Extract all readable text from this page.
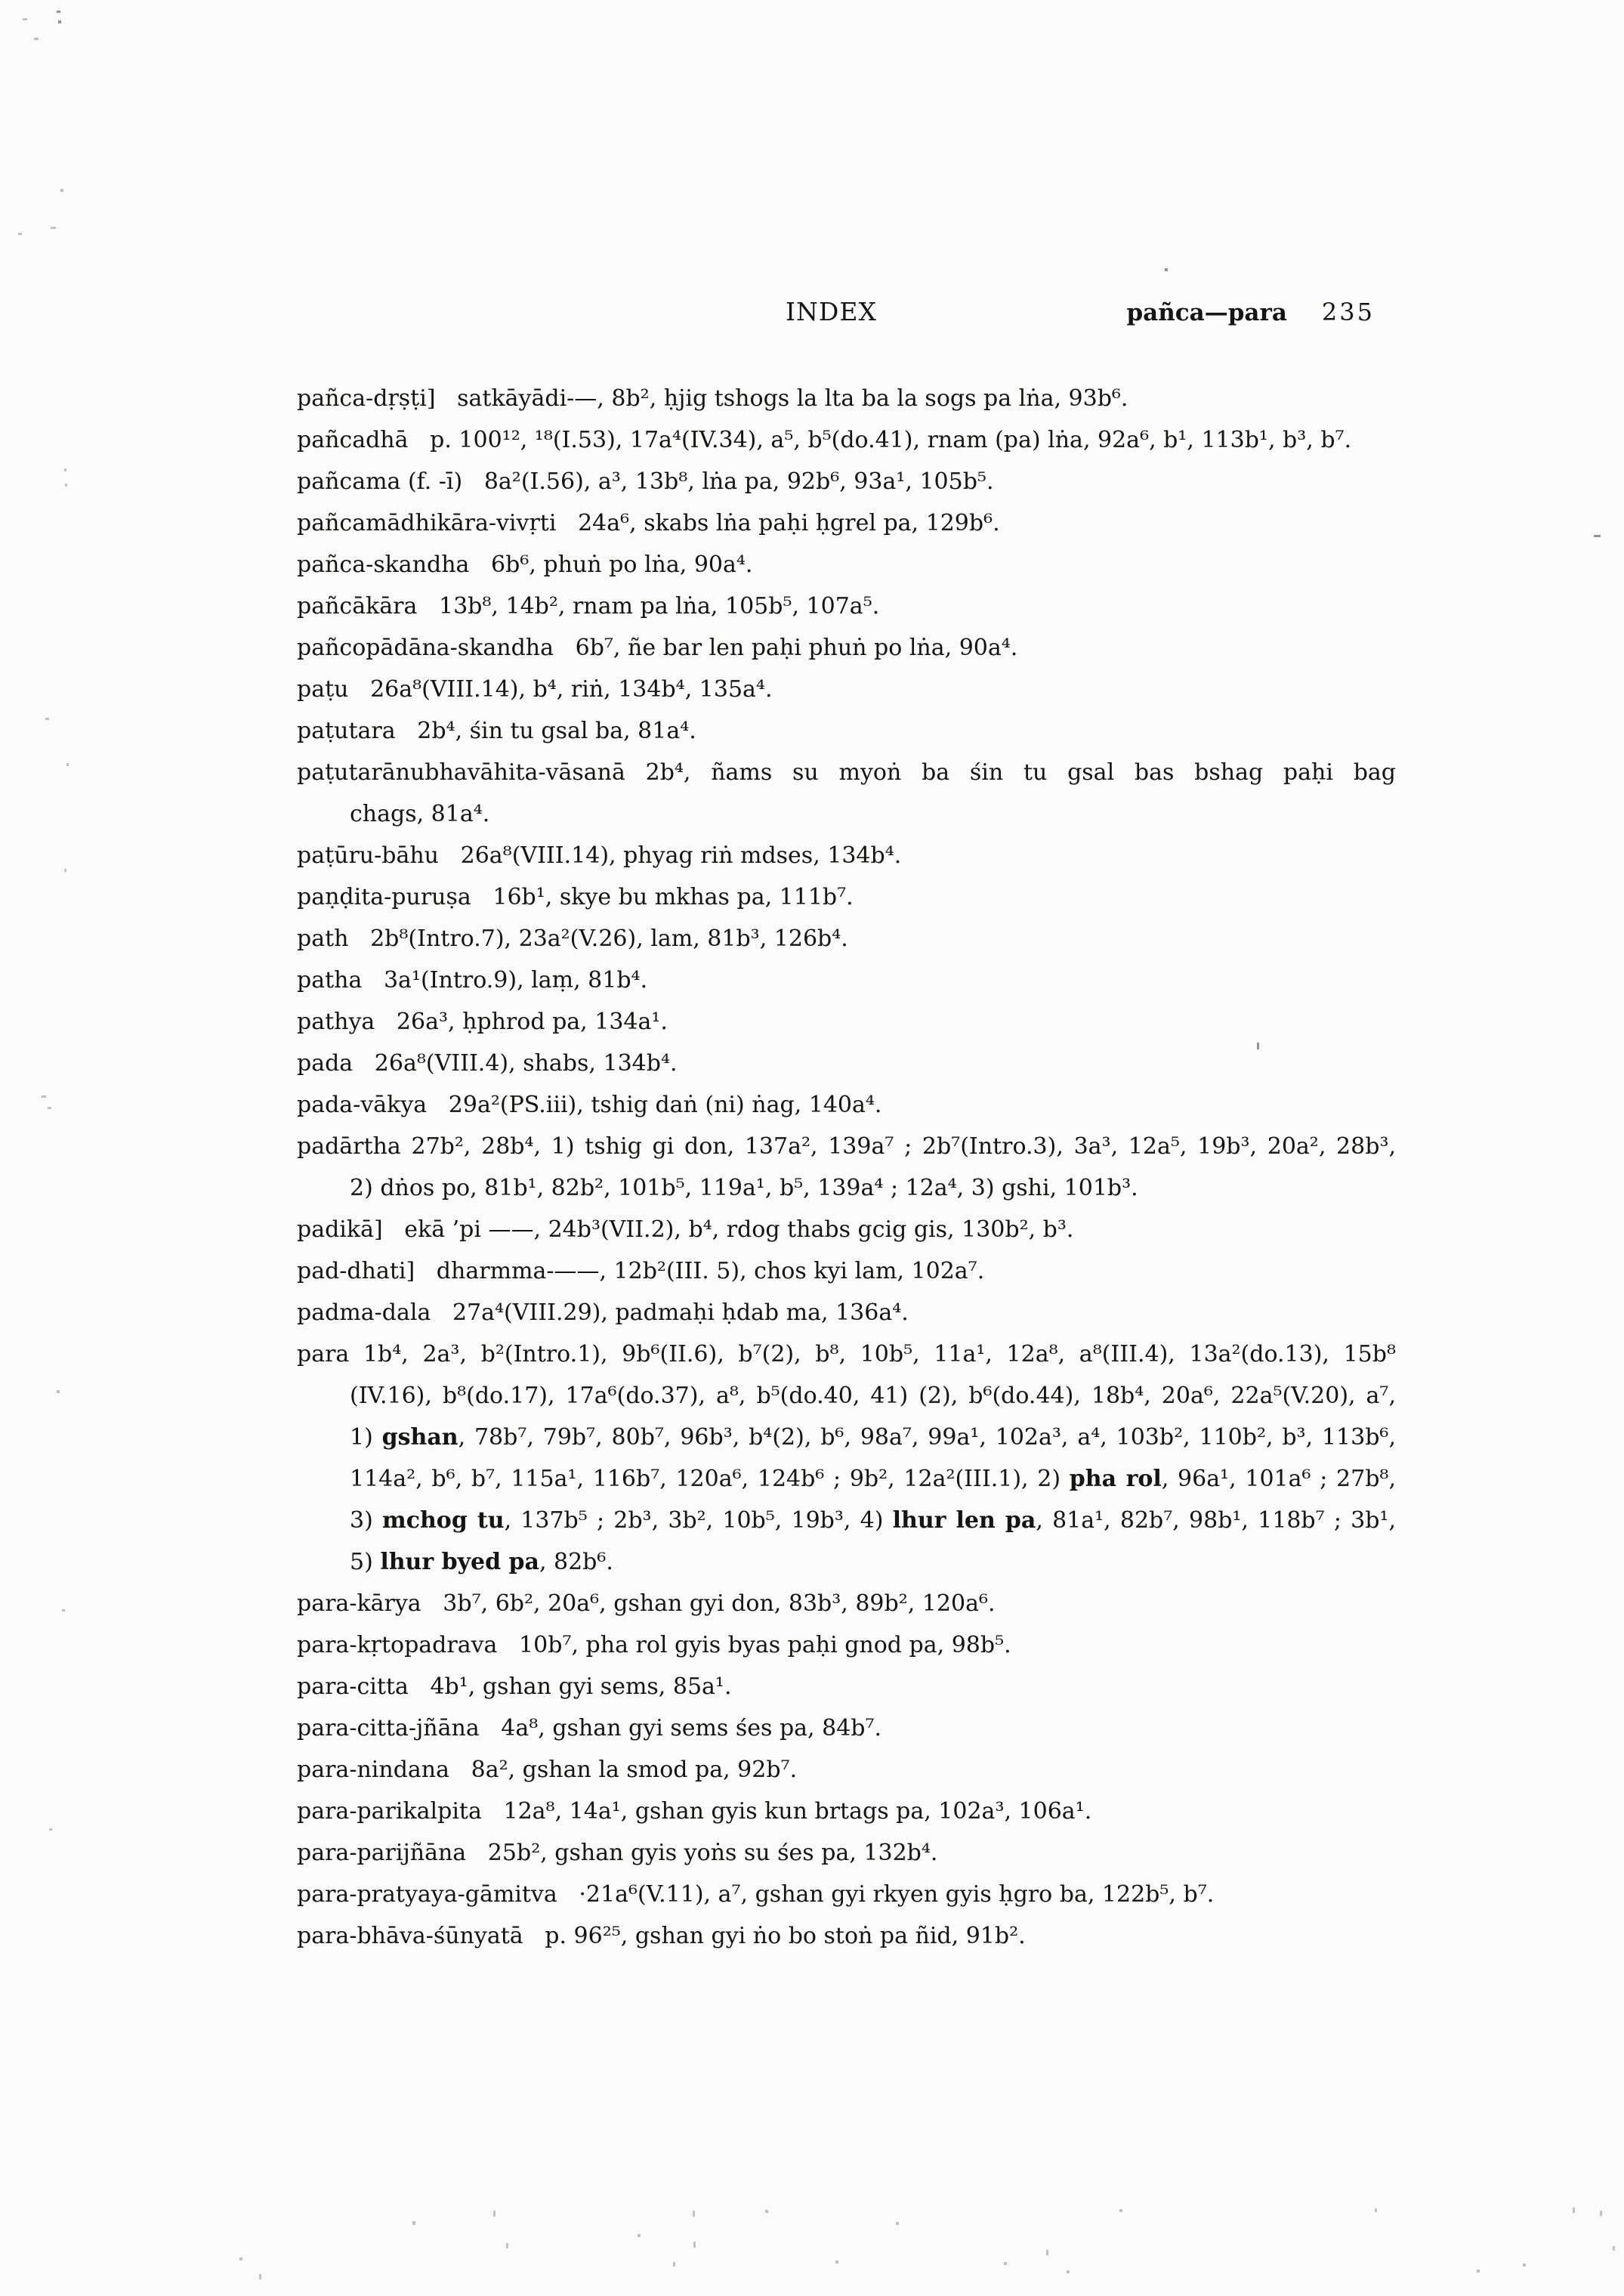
INDEX	pañca—para 235
pañca-dṛṣṭi]   satkāyādi-—, 8b², ḥjig tshogs la lta ba la sogs pa lṅa, 93b⁶.
pañcadhā   p. 100¹², ¹⁸(I.53), 17a⁴(IV.34), a⁵, b⁵(do.41), rnam (pa) lṅa, 92a⁶, b¹, 113b¹, b³, b⁷.
pañcama (f. -ī)   8a²(I.56), a³, 13b⁸, lṅa pa, 92b⁶, 93a¹, 105b⁵.
pañcamādhikāra-vivṛti   24a⁶, skabs lṅa paḥi ḥgrel pa, 129b⁶.
pañca-skandha   6b⁶, phuṅ po lṅa, 90a⁴.
pañcākāra   13b⁸, 14b², rnam pa lṅa, 105b⁵, 107a⁵.
pañcopādāna-skandha   6b⁷, ñe bar len paḥi phuṅ po lṅa, 90a⁴.
paṭu   26a⁸(VIII.14), b⁴, riṅ, 134b⁴, 135a⁴.
paṭutara   2b⁴, śin tu gsal ba, 81a⁴.
paṭutarānubhavāhita-vāsanā 2b⁴, ñams su myoṅ ba śin tu gsal bas bshag paḥi bag
chags, 81a⁴.
paṭūru-bāhu   26a⁸(VIII.14), phyag riṅ mdses, 134b⁴.
paṇḍita-puruṣa   16b¹, skye bu mkhas pa, 111b⁷.
path   2b⁸(Intro.7), 23a²(V.26), lam, 81b³, 126b⁴.
patha   3a¹(Intro.9), laṃ, 81b⁴.
pathya   26a³, ḥphrod pa, 134a¹.
pada   26a⁸(VIII.4), shabs, 134b⁴.
pada-vākya   29a²(PS.iii), tshig daṅ (ni) ṅag, 140a⁴.
padārtha 27b², 28b⁴, 1) tshig gi don, 137a², 139a⁷ ; 2b⁷(Intro.3), 3a³, 12a⁵, 19b³, 20a², 28b³,
2) dṅos po, 81b¹, 82b², 101b⁵, 119a¹, b⁵, 139a⁴ ; 12a⁴, 3) gshi, 101b³.
padikā]   ekā ’pi ——, 24b³(VII.2), b⁴, rdog thabs gcig gis, 130b², b³.
pad-dhati]   dharmma-——, 12b²(III. 5), chos kyi lam, 102a⁷.
padma-dala   27a⁴(VIII.29), padmaḥi ḥdab ma, 136a⁴.
para 1b⁴, 2a³, b²(Intro.1), 9b⁶(II.6), b⁷(2), b⁸, 10b⁵, 11a¹, 12a⁸, a⁸(III.4), 13a²(do.13), 15b⁸
(IV.16), b⁸(do.17), 17a⁶(do.37), a⁸, b⁵(do.40, 41) (2), b⁶(do.44), 18b⁴, 20a⁶, 22a⁵(V.20), a⁷,
1) gshan, 78b⁷, 79b⁷, 80b⁷, 96b³, b⁴(2), b⁶, 98a⁷, 99a¹, 102a³, a⁴, 103b², 110b², b³, 113b⁶,
114a², b⁶, b⁷, 115a¹, 116b⁷, 120a⁶, 124b⁶ ; 9b², 12a²(III.1), 2) pha rol, 96a¹, 101a⁶ ; 27b⁸,
3) mchog tu, 137b⁵ ; 2b³, 3b², 10b⁵, 19b³, 4) lhur len pa, 81a¹, 82b⁷, 98b¹, 118b⁷ ; 3b¹,
5) lhur byed pa, 82b⁶.
para-kārya   3b⁷, 6b², 20a⁶, gshan gyi don, 83b³, 89b², 120a⁶.
para-kṛtopadrava   10b⁷, pha rol gyis byas paḥi gnod pa, 98b⁵.
para-citta   4b¹, gshan gyi sems, 85a¹.
para-citta-jñāna   4a⁸, gshan gyi sems śes pa, 84b⁷.
para-nindana   8a², gshan la smod pa, 92b⁷.
para-parikalpita   12a⁸, 14a¹, gshan gyis kun brtags pa, 102a³, 106a¹.
para-parijñāna   25b², gshan gyis yoṅs su śes pa, 132b⁴.
para-pratyaya-gāmitva   ·21a⁶(V.11), a⁷, gshan gyi rkyen gyis ḥgro ba, 122b⁵, b⁷.
para-bhāva-śūnyatā   p. 96²⁵, gshan gyi ṅo bo stoṅ pa ñid, 91b².
